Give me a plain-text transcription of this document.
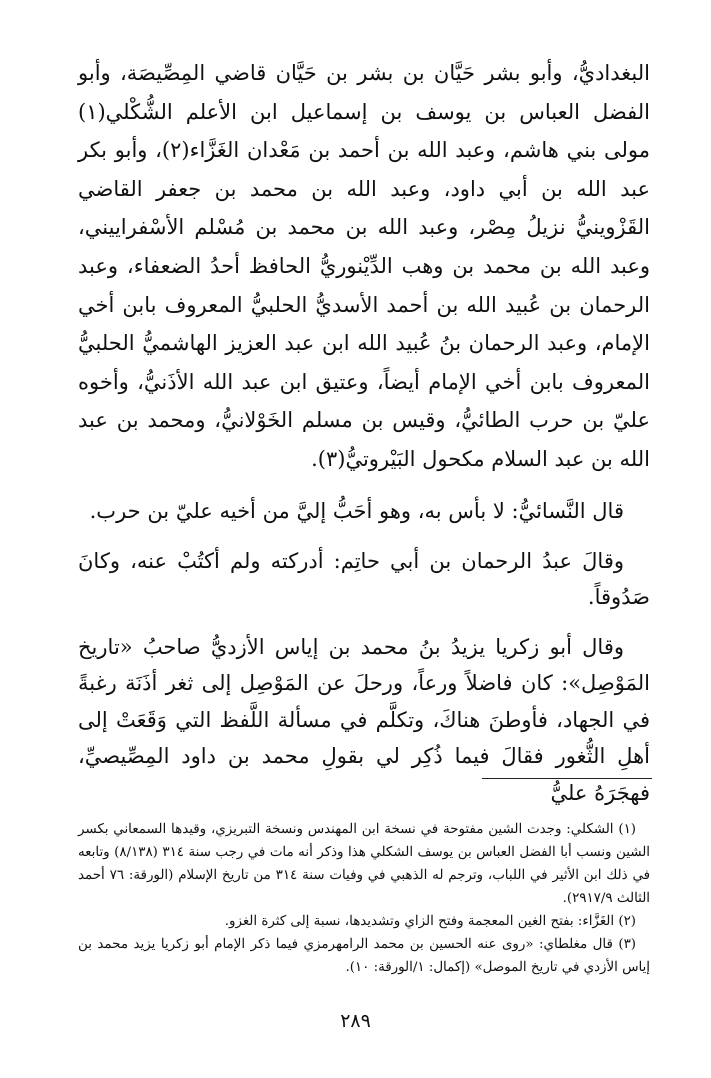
البغداديُّ، وأبو بشر حَيَّان بن بشر بن حَيَّان قاضي المِصِّيصَة، وأبو الفضل العباس بن يوسف بن إسماعيل ابن الأعلم الشُّكْلي(١) مولى بني هاشم، وعبد الله بن أحمد بن مَعْدان الغَزَّاء(٢)، وأبو بكر عبد الله بن أبي داود، وعبد الله بن محمد بن جعفر القاضي القَزْوينيُّ نزيلُ مِصْر، وعبد الله بن محمد بن مُسْلم الأسْفراييني، وعبد الله بن محمد بن وهب الدِّيْنوريُّ الحافظ أحدُ الضعفاء، وعبد الرحمان بن عُبيد الله بن أحمد الأسديُّ الحلبيُّ المعروف بابن أخي الإمام، وعبد الرحمان بنُ عُبيد الله ابن عبد العزيز الهاشميُّ الحلبيُّ المعروف بابن أخي الإمام أيضاً، وعتيق ابن عبد الله الأذَنيُّ، وأخوه عليّ بن حرب الطائيُّ، وقيس بن مسلم الخَوْلانيُّ، ومحمد بن عبد الله بن عبد السلام مكحول البَيْروتيُّ(٣).

قال النَّسائيُّ: لا بأس به، وهو أحَبُّ إليَّ من أخيه عليّ بن حرب.

وقالَ عبدُ الرحمان بن أبي حاتِم: أدركته ولم أكتُبْ عنه، وكانَ صَدُوقاً.

وقال أبو زكريا يزيدُ بنُ محمد بن إياس الأزديُّ صاحبُ «تاريخ المَوْصِل»: كان فاضلاً ورعاً، ورحلَ عن المَوْصِل إلى ثغر أذَنَة رغبةً في الجهاد، فأوطنَ هناكَ، وتكلَّم في مسألة اللَّفظ التي وَقَعَتْ إلى أهلِ الثُّغور فقالَ فيما ذُكِر لي بقولِ محمد بن داود المِصِّيصيِّ، فهجَرَهُ عليُّ

(١) الشكلي: وجدت الشين مفتوحة في نسخة ابن المهندس ونسخة التبريزي، وقيدها السمعاني بكسر الشين ونسب أبا الفضل العباس بن يوسف الشكلي هذا وذكر أنه مات في رجب سنة ٣١٤ (٨/١٣٨) وتابعه في ذلك ابن الأثير في اللباب، وترجم له الذهبي في وفيات سنة ٣١٤ من تاريخ الإسلام (الورقة: ٧٦ أحمد الثالث ٢٩١٧/٩).

(٢) الغَزَّاء: بفتح الغين المعجمة وفتح الزاي وتشديدها، نسبة إلى كثرة الغزو.

(٣) قال مغلطاي: «روى عنه الحسين بن محمد الرامهرمزي فيما ذكر الإمام أبو زكريا يزيد محمد بن إياس الأزدي في تاريخ الموصل» (إكمال: ١/الورقة: ١٠).

٢٨٩
